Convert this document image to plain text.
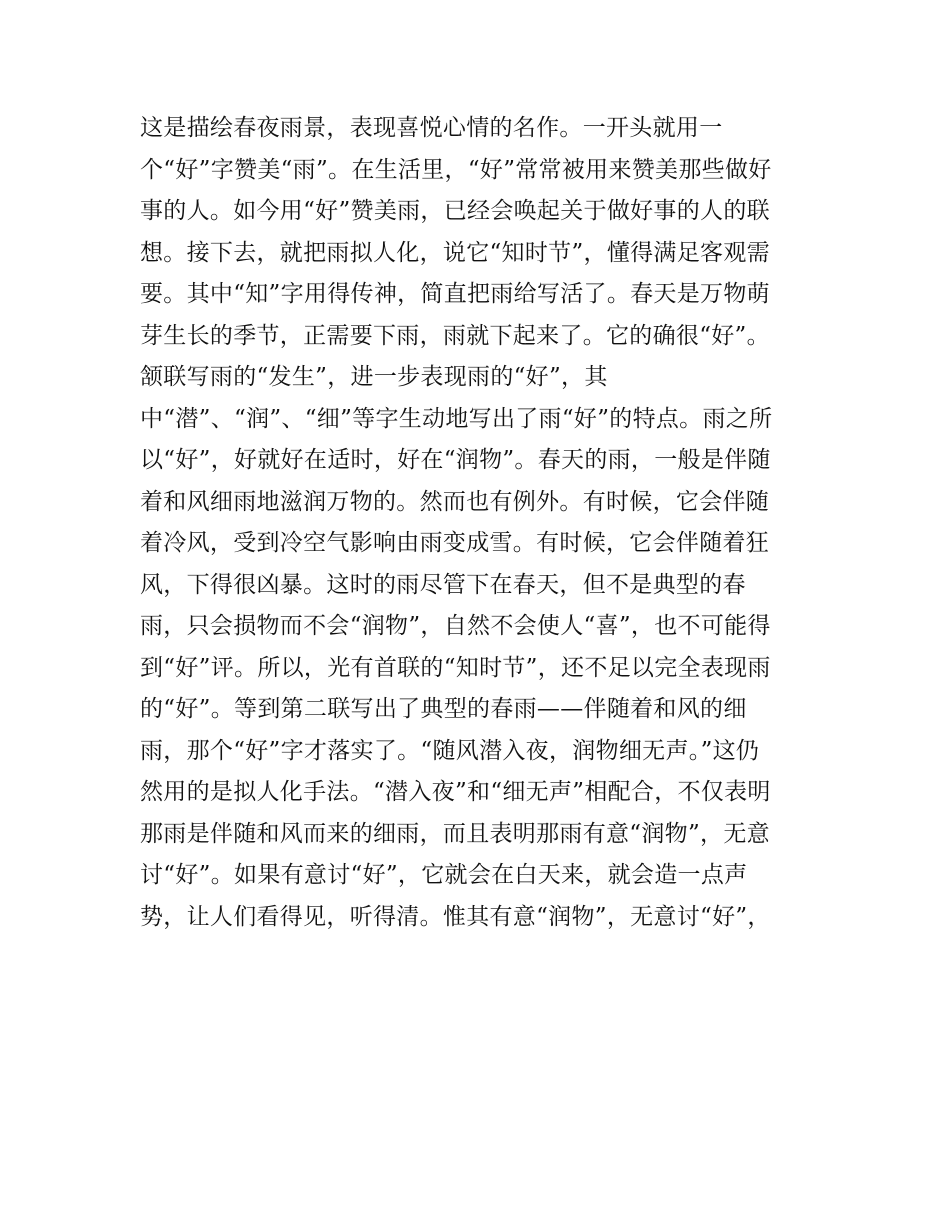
这是描绘春夜雨景，表现喜悦心情的名作。一开头就用一
个“好”字赞美“雨”。在生活里，“好”常常被用来赞美那些做好
事的人。如今用“好”赞美雨，已经会唤起关于做好事的人的联
想。接下去，就把雨拟人化，说它“知时节”，懂得满足客观需
要。其中“知”字用得传神，简直把雨给写活了。春天是万物萌
芽生长的季节，正需要下雨，雨就下起来了。它的确很“好”。
颔联写雨的“发生”，进一步表现雨的“好”，其
中“潜”、“润”、“细”等字生动地写出了雨“好”的特点。雨之所
以“好”，好就好在适时，好在“润物”。春天的雨，一般是伴随
着和风细雨地滋润万物的。然而也有例外。有时候，它会伴随
着冷风，受到冷空气影响由雨变成雪。有时候，它会伴随着狂
风，下得很凶暴。这时的雨尽管下在春天，但不是典型的春
雨，只会损物而不会“润物”，自然不会使人“喜”，也不可能得
到“好”评。所以，光有首联的“知时节”，还不足以完全表现雨
的“好”。等到第二联写出了典型的春雨——伴随着和风的细
雨，那个“好”字才落实了。“随风潜入夜，润物细无声。”这仍
然用的是拟人化手法。“潜入夜”和“细无声”相配合，不仅表明
那雨是伴随和风而来的细雨，而且表明那雨有意“润物”，无意
讨“好”。如果有意讨“好”，它就会在白天来，就会造一点声
势，让人们看得见，听得清。惟其有意“润物”，无意讨“好”，
